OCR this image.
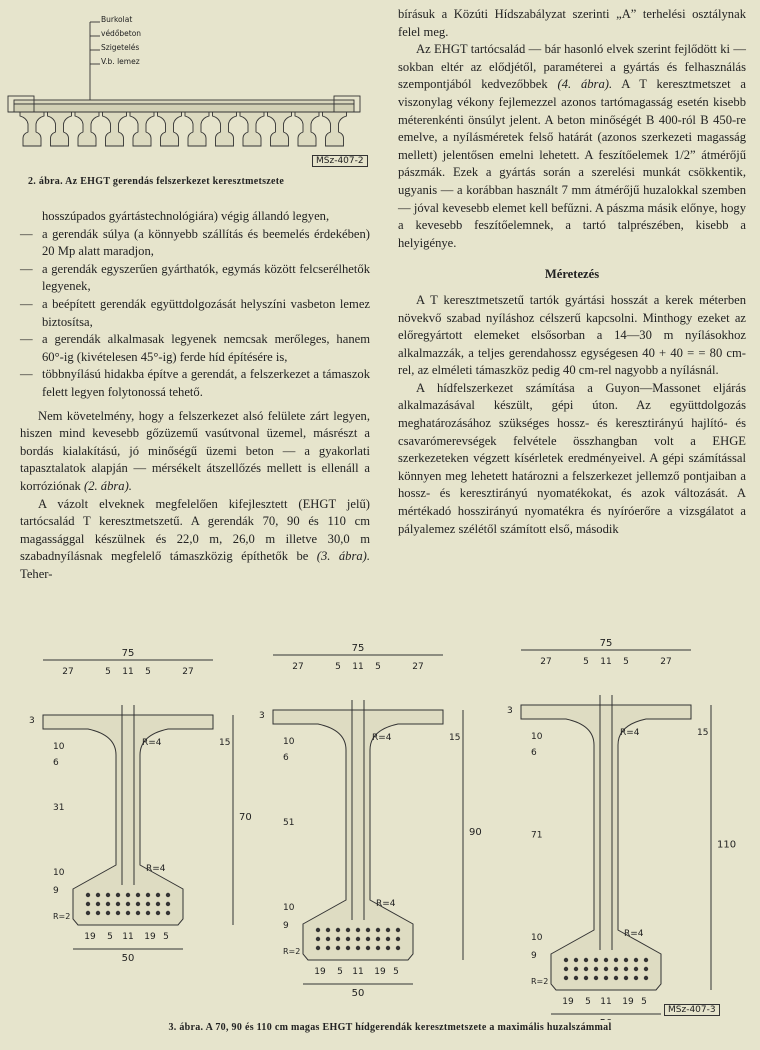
Burkolat
védőbeton
Szigetelés
V.b. lemez
MSz-407-2
2. ábra. Az EHGT gerendás felszerkezet keresztmetszete

hosszúpados gyártástechnológiára) végig állandó legyen,

— a gerendák súlya (a könnyebb szállítás és beemelés érdekében) 20 Mp alatt maradjon,
— a gerendák egyszerűen gyárthatók, egymás között felcserélhetők legyenek,
— a beépített gerendák együttdolgozását helyszíni vasbeton lemez biztosítsa,
— a gerendák alkalmasak legyenek nemcsak merőleges, hanem 60°-ig (kivételesen 45°-ig) ferde híd építésére is,
— többnyílású hidakba építve a gerendát, a felszerkezet a támaszok felett legyen folytonossá tehető.

Nem követelmény, hogy a felszerkezet alsó felülete zárt legyen, hiszen mind kevesebb gőzüzemű vasútvonal üzemel, másrészt a bordás kialakítású, jó minőségű üzemi beton — a gyakorlati tapasztalatok alapján — mérsékelt átszellőzés mellett is ellenáll a korróziónak (2. ábra).

A vázolt elveknek megfelelően kifejlesztett (EHGT jelű) tartócsalád T keresztmetszetű. A gerendák 70, 90 és 110 cm magassággal készülnek és 22,0 m, 26,0 m illetve 30,0 m szabadnyílásnak megfelelő támaszközig építhetők be (3. ábra). Teher-

bírásuk a Közúti Hídszabályzat szerinti „A” terhelési osztálynak felel meg.

Az EHGT tartócsalád — bár hasonló elvek szerint fejlődött ki — sokban eltér az elődjétől, paraméterei a gyártás és felhasználás szempontjából kedvezőbbek (4. ábra). A T keresztmetszet a viszonylag vékony fejlemezzel azonos tartómagasság esetén kisebb méterenkénti önsúlyt jelent. A beton minőségét B 400-ról B 450-re emelve, a nyílásméretek felső határát (azonos szerkezeti magasság mellett) jelentősen emelni lehetett. A feszítőelemek 1/2” átmérőjű pászmák. Ezek a gyártás során a szerelési munkát csökkentik, ugyanis — a korábban használt 7 mm átmérőjű huzalokkal szemben — jóval kevesebb elemet kell befűzni. A pászma másik előnye, hogy a kevesebb feszítőelemnek, a tartó talprészében, kisebb a helyigénye.

Méretezés

A T keresztmetszetű tartók gyártási hosszát a kerek méterben növekvő szabad nyíláshoz célszerű kapcsolni. Minthogy ezeket az előregyártott elemeket elsősorban a 14—30 m nyílásokhoz alkalmazzák, a teljes gerendahossz egységesen 40 + 40 = = 80 cm-rel, az elméleti támaszköz pedig 40 cm-rel nagyobb a nyílásnál.

A hídfelszerkezet számítása a Guyon—Massonet eljárás alkalmazásával készült, gépi úton. Az együttdolgozás meghatározásához szükséges hossz- és keresztirányú hajlító- és csavarómerevségek felvétele összhangban volt a EHGE szerkezeteken végzett kísérletek eredményeivel. A gépi számítással könnyen meg lehetett határozni a felszerkezet jellemző pontjaiban a hossz- és keresztirányú nyomatékokat, és azok változását. A mértékadó hosszirányú nyomatékra és nyíróerőre a vizsgálatot a pályalemez szélétől számított első, második

75
27	5 11 5	27
3
15
70
10
6
31
10
9
R=4
R=4
R=2
19 5 11 19 5
50
75
27	5 11 5	27
3
15
90
10
6
51
10
9
R=4
R=4
R=2
19 5 11 19 5
50
75
27	5 11 5	27
3
15
110
10
6
71
10
9
R=4
R=4
R=2
19 5 11 19 5
MSz-407-3
3. ábra. A 70, 90 és 110 cm magas EHGT hídgerendák keresztmetszete a maximális huzalszámmal
